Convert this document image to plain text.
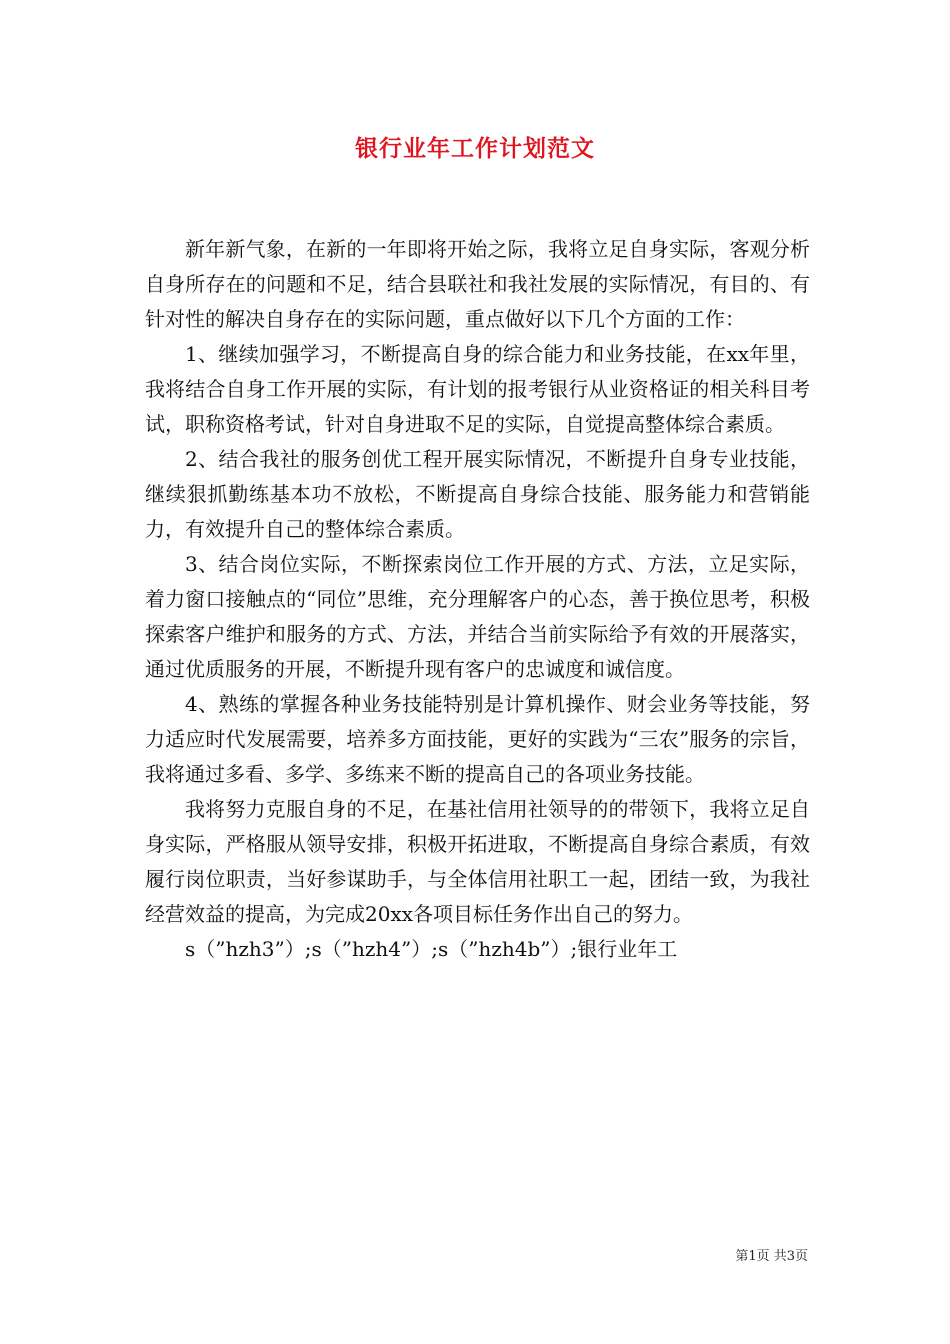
银行业年工作计划范文

新年新气象，在新的一年即将开始之际，我将立足自身实际，客观分析自身所存在的问题和不足，结合县联社和我社发展的实际情况，有目的、有针对性的解决自身存在的实际问题，重点做好以下几个方面的工作：

1、继续加强学习，不断提高自身的综合能力和业务技能，在xx年里，我将结合自身工作开展的实际，有计划的报考银行从业资格证的相关科目考试，职称资格考试，针对自身进取不足的实际，自觉提高整体综合素质。

2、结合我社的服务创优工程开展实际情况，不断提升自身专业技能，继续狠抓勤练基本功不放松，不断提高自身综合技能、服务能力和营销能力，有效提升自己的整体综合素质。

3、结合岗位实际，不断探索岗位工作开展的方式、方法，立足实际，着力窗口接触点的“同位”思维，充分理解客户的心态，善于换位思考，积极探索客户维护和服务的方式、方法，并结合当前实际给予有效的开展落实，通过优质服务的开展，不断提升现有客户的忠诚度和诚信度。

4、熟练的掌握各种业务技能特别是计算机操作、财会业务等技能，努力适应时代发展需要，培养多方面技能，更好的实践为“三农”服务的宗旨，我将通过多看、多学、多练来不断的提高自己的各项业务技能。

我将努力克服自身的不足，在基社信用社领导的的带领下，我将立足自身实际，严格服从领导安排，积极开拓进取，不断提高自身综合素质，有效履行岗位职责，当好参谋助手，与全体信用社职工一起，团结一致，为我社经营效益的提高，为完成20xx各项目标任务作出自己的努力。

s（”hzh3”）;s（”hzh4”）;s（”hzh4b”）;银行业年工

第1页 共3页
